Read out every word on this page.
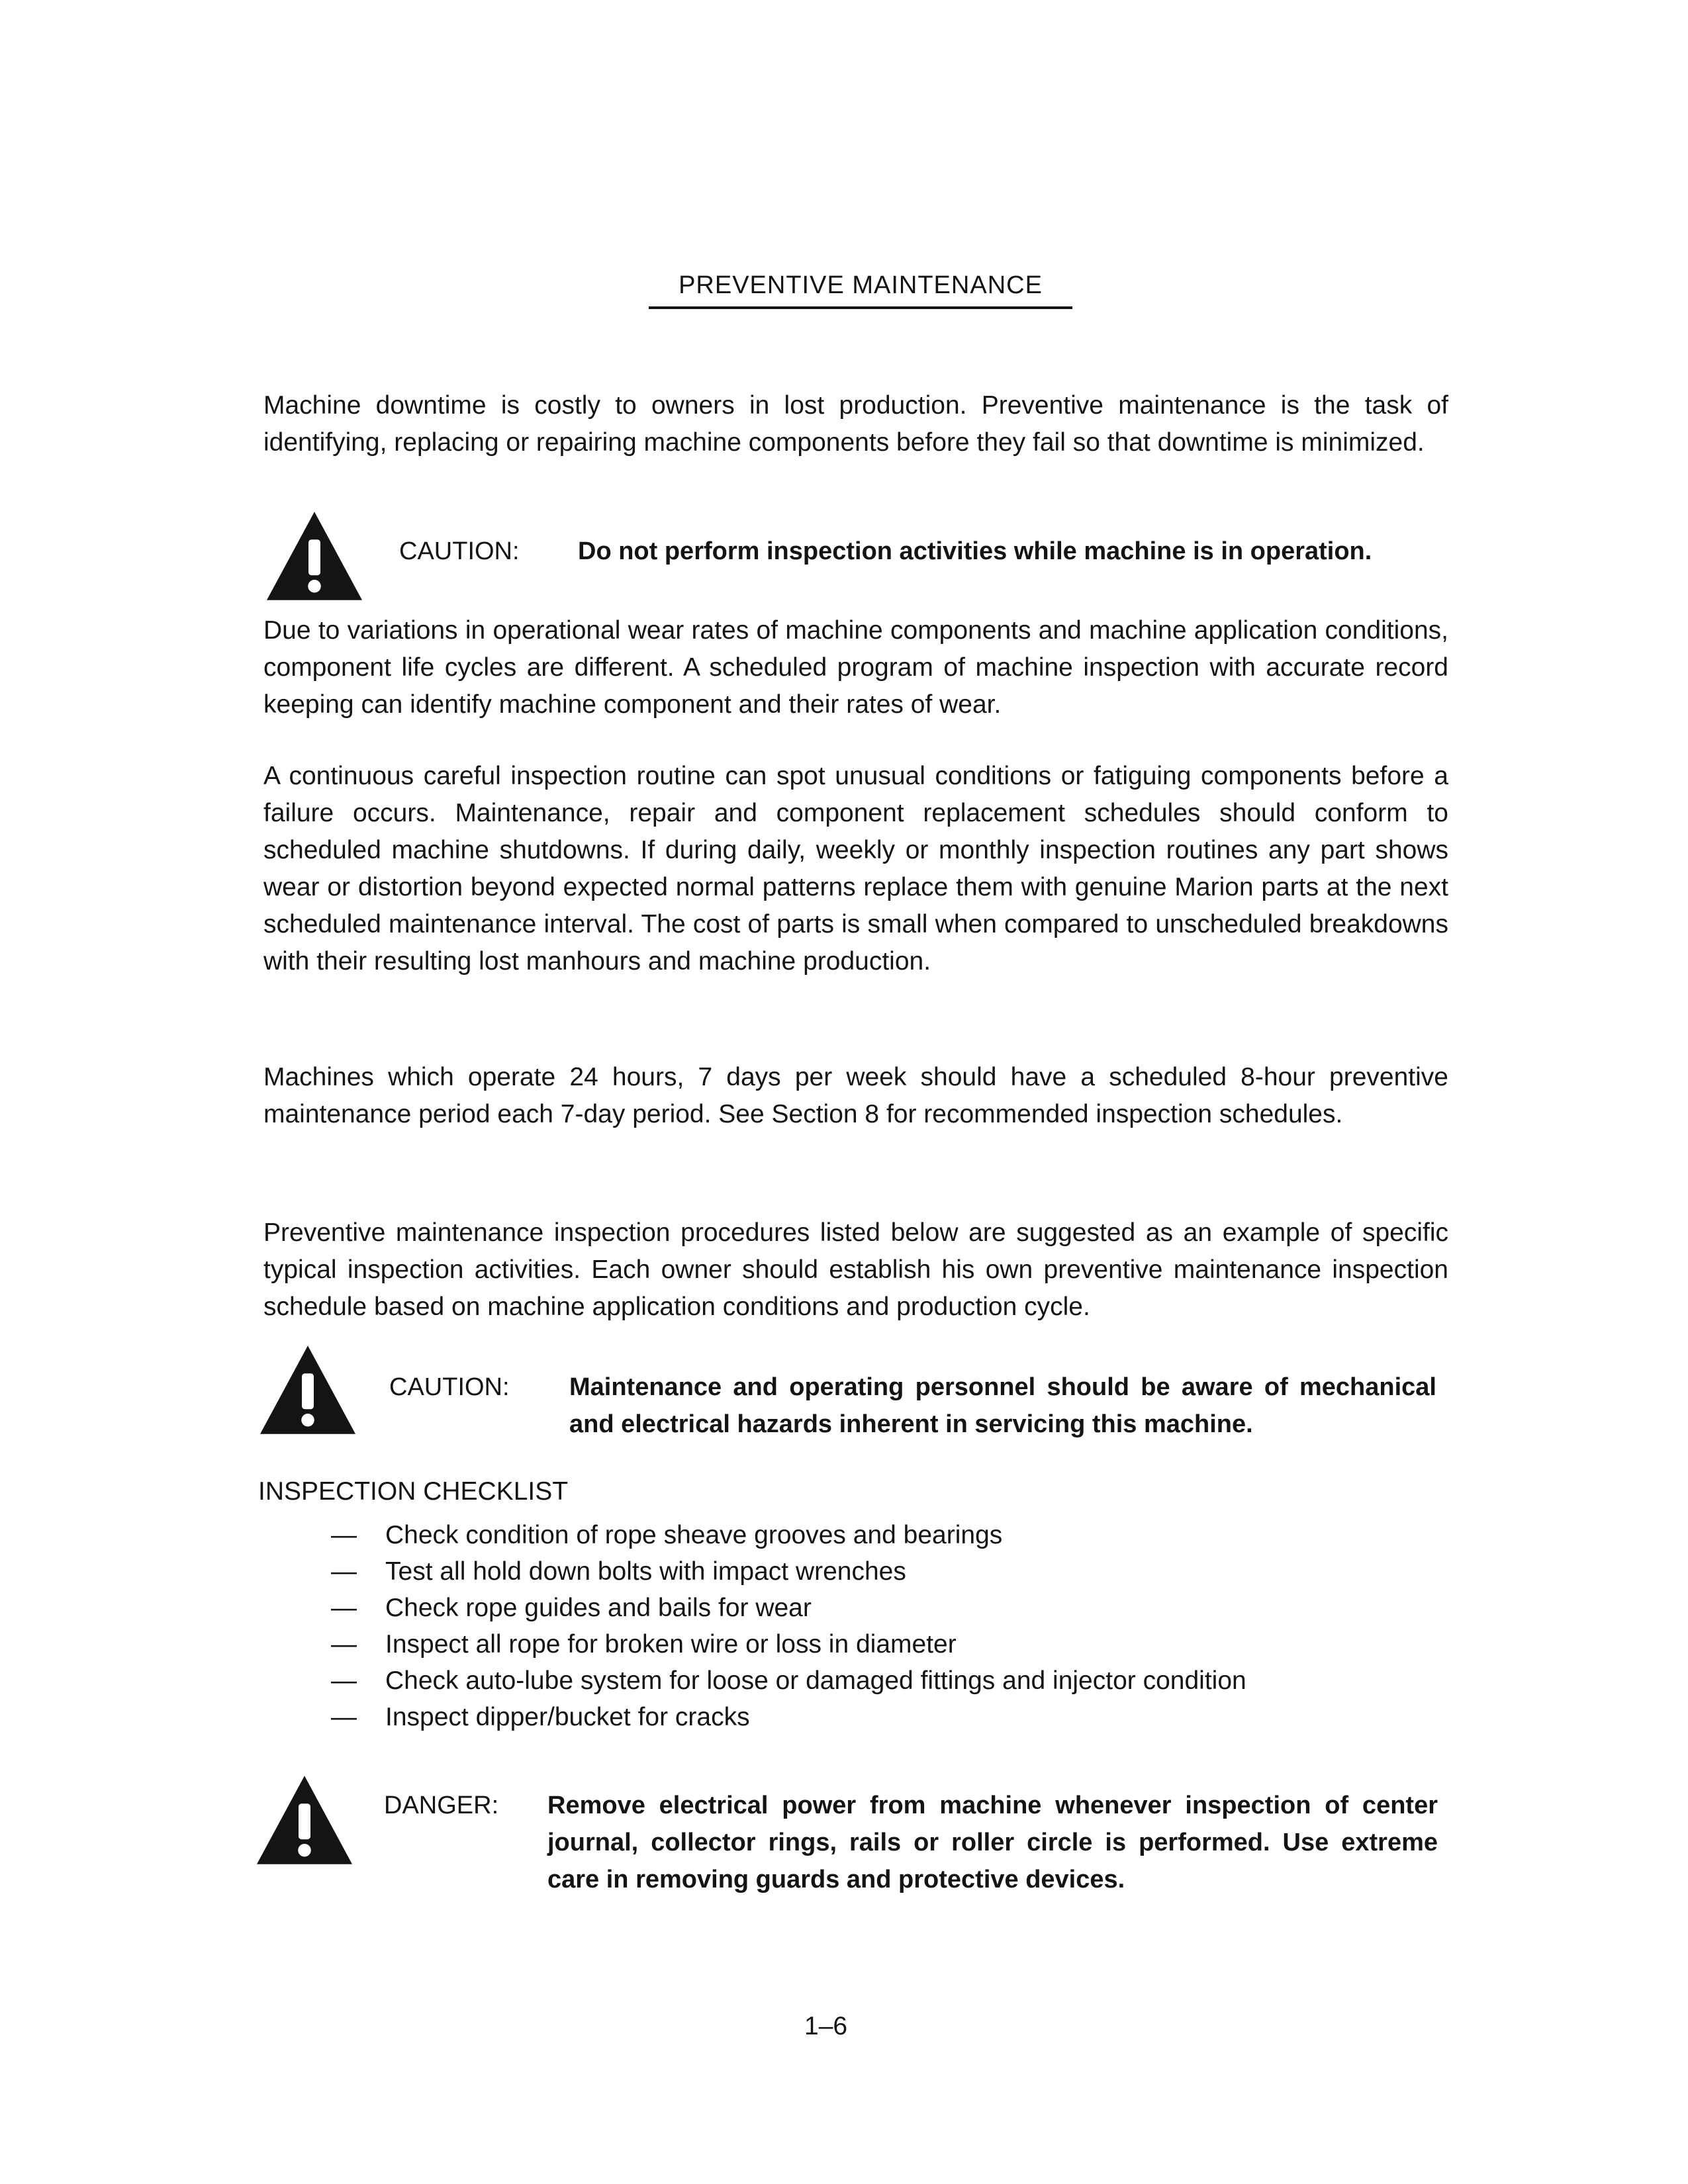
PREVENTIVE MAINTENANCE

Machine downtime is costly to owners in lost production. Preventive maintenance is the task of identifying, replacing or repairing machine components before they fail so that downtime is minimized.

CAUTION:	Do not perform inspection activities while machine is in operation.

Due to variations in operational wear rates of machine components and machine application conditions, component life cycles are different. A scheduled program of machine inspection with accurate record keeping can identify machine component and their rates of wear.

A continuous careful inspection routine can spot unusual conditions or fatiguing components before a failure occurs. Maintenance, repair and component replacement schedules should conform to scheduled machine shutdowns. If during daily, weekly or monthly inspection routines any part shows wear or distortion beyond expected normal patterns replace them with genuine Marion parts at the next scheduled maintenance interval. The cost of parts is small when compared to unscheduled breakdowns with their resulting lost manhours and machine production.

Machines which operate 24 hours, 7 days per week should have a scheduled 8-hour preventive maintenance period each 7-day period. See Section 8 for recommended inspection schedules.

Preventive maintenance inspection procedures listed below are suggested as an example of specific typical inspection activities. Each owner should establish his own preventive maintenance inspection schedule based on machine application conditions and production cycle.

CAUTION:	Maintenance and operating personnel should be aware of mechanical and electrical hazards inherent in servicing this machine.
INSPECTION CHECKLIST
—	Check condition of rope sheave grooves and bearings
—	Test all hold down bolts with impact wrenches
—	Check rope guides and bails for wear
—	Inspect all rope for broken wire or loss in diameter
—	Check auto-lube system for loose or damaged fittings and injector condition
—	Inspect dipper/bucket for cracks
DANGER:	Remove electrical power from machine whenever inspection of center journal, collector rings, rails or roller circle is performed. Use extreme care in removing guards and protective devices.
1–6
